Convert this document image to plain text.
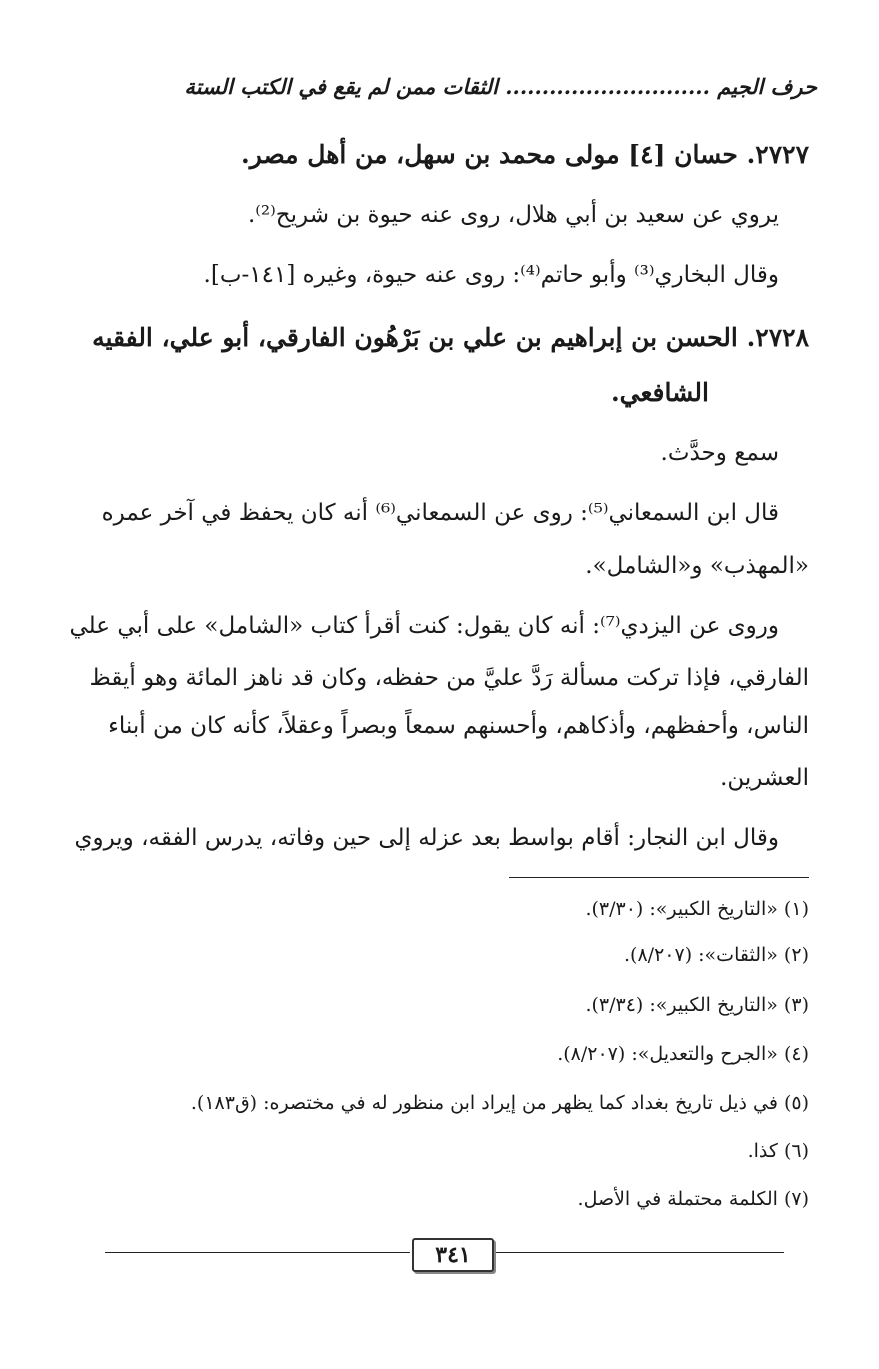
حرف الجيم ............................ الثقات ممن لم يقع في الكتب الستة
٢٧٢٧. حسان [٤] مولى محمد بن سهل، من أهل مصر.
يروي عن سعيد بن أبي هلال، روى عنه حيوة بن شريح⁽²⁾.
وقال البخاري⁽³⁾ وأبو حاتم⁽⁴⁾: روى عنه حيوة، وغيره [١٤١-ب].
٢٧٢٨. الحسن بن إبراهيم بن علي بن بَرْهُون الفارقي، أبو علي، الفقيه
الشافعي.
سمع وحدَّث.
قال ابن السمعاني⁽⁵⁾: روى عن السمعاني⁽⁶⁾ أنه كان يحفظ في آخر عمره
«المهذب» و«الشامل».
وروى عن اليزدي⁽⁷⁾: أنه كان يقول: كنت أقرأ كتاب «الشامل» على أبي علي
الفارقي، فإذا تركت مسألة رَدَّ عليَّ من حفظه، وكان قد ناهز المائة وهو أيقظ
الناس، وأحفظهم، وأذكاهم، وأحسنهم سمعاً وبصراً وعقلاً، كأنه كان من أبناء
العشرين.
وقال ابن النجار: أقام بواسط بعد عزله إلى حين وفاته، يدرس الفقه، ويروي
(١) «التاريخ الكبير»: (٣/٣٠).
(٢) «الثقات»: (٨/٢٠٧).
(٣) «التاريخ الكبير»: (٣/٣٤).
(٤) «الجرح والتعديل»: (٨/٢٠٧).
(٥) في ذيل تاريخ بغداد كما يظهر من إيراد ابن منظور له في مختصره: (ق١٨٣).
(٦) كذا.
(٧) الكلمة محتملة في الأصل.
٣٤١
